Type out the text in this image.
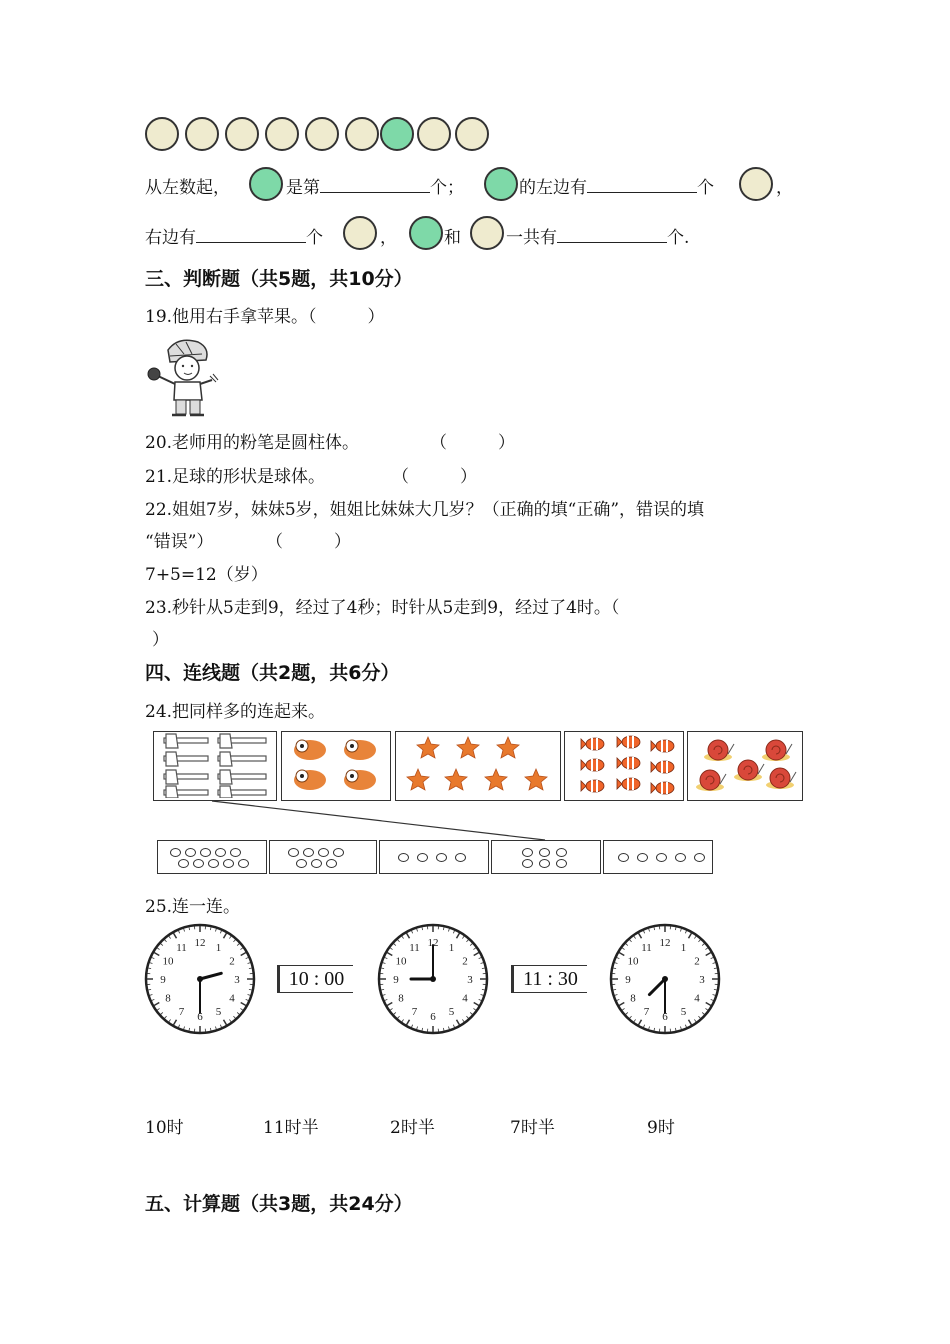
从左数起，	是第	个；	的左边有	个	，
右边有	个	，	和	一共有	个.
三、判断题（共5题，共10分）
19.他用右手拿苹果。（　　　）
20.老师用的粉笔是圆柱体。	（　　　）
21.足球的形状是球体。	（　　　）
22.姐姐7岁，妹妹5岁，姐姐比妹妹大几岁？（正确的填“正确”，错误的填
“错误”）	（　　　）
7+5=12（岁）
23.秒针从5走到9，经过了4秒；时针从5走到9，经过了4时。（
）
四、连线题（共2题，共6分）
24.把同样多的连起来。
25.连一连。
12 1
2
3
4
5
6
7
8
9
10
11	12 1
2
3
4
5
6
7
8
9
10
11	12 1
2
3
4
5
6
7
8
9
10
11
10 : 00	11 : 30
10时	11时半	2时半	7时半	9时
五、计算题（共3题，共24分）
